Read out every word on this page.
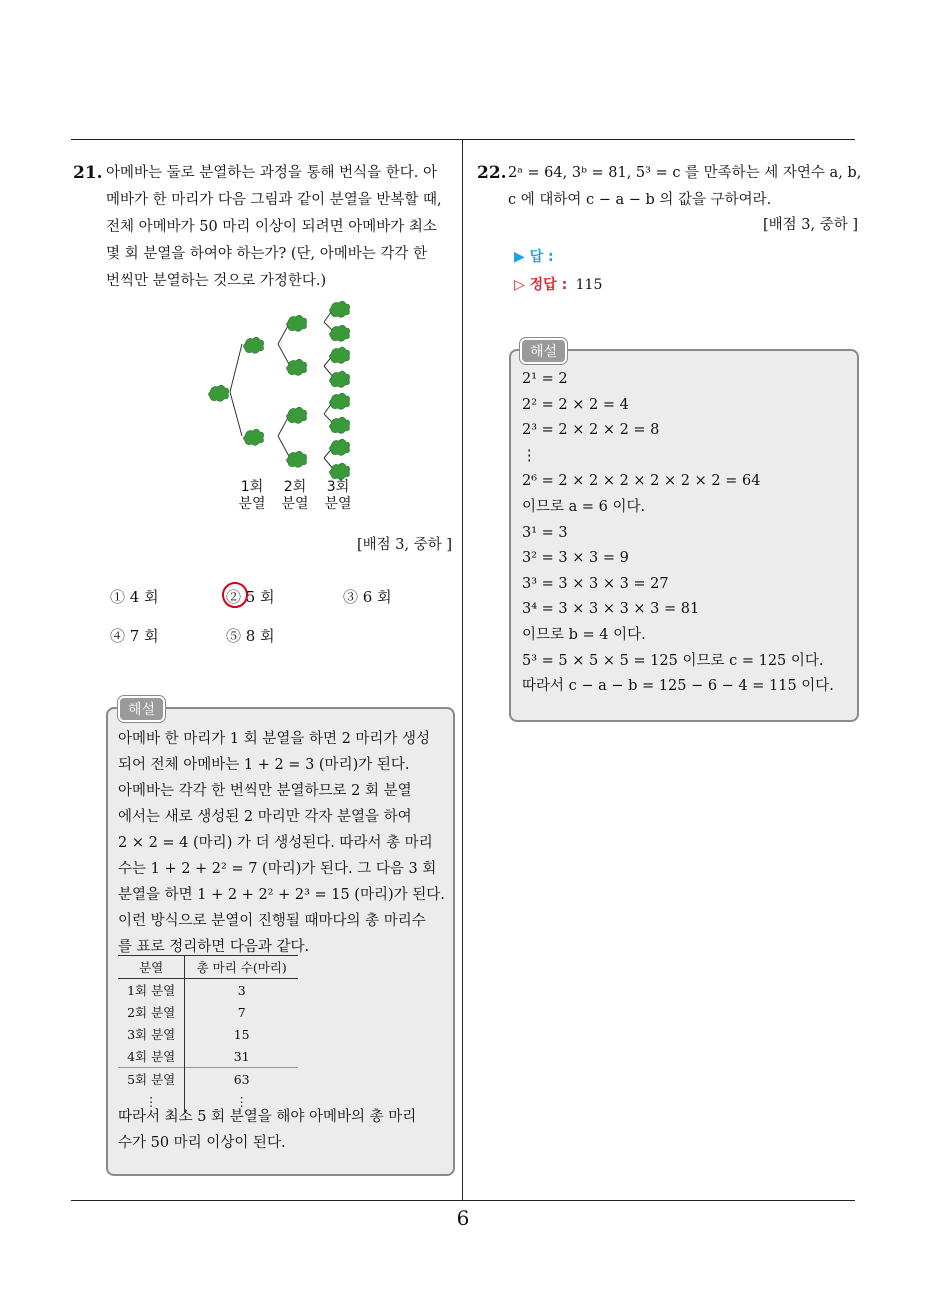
21. 아메바는 둘로 분열하는 과정을 통해 번식을 한다. 아
메바가 한 마리가 다음 그림과 같이 분열을 반복할 때,
전체 아메바가 50 마리 이상이 되려면 아메바가 최소
몇 회 분열을 하여야 하는가? (단, 아메바는 각각 한
번씩만 분열하는 것으로 가정한다.)
1회
분열
2회
분열
3회
분열
[배점 3, 중하 ]
① 4 회	② 5 회	③ 6 회
④ 7 회	⑤ 8 회
해설
아메바 한 마리가 1 회 분열을 하면 2 마리가 생성
되어 전체 아메바는 1 + 2 = 3 (마리)가 된다.
아메바는 각각 한 번씩만 분열하므로 2 회 분열
에서는 새로 생성된 2 마리만 각자 분열을 하여
2 × 2 = 4 (마리) 가 더 생성된다. 따라서 총 마리
수는 1 + 2 + 2² = 7 (마리)가 된다. 그 다음 3 회
분열을 하면 1 + 2 + 2² + 2³ = 15 (마리)가 된다.
이런 방식으로 분열이 진행될 때마다의 총 마리수
를 표로 정리하면 다음과 같다.
분열	총 마리 수(마리)
1회 분열	3
2회 분열	7
3회 분열	15
4회 분열	31
5회 분열	63
⋮	⋮
따라서 최소 5 회 분열을 해야 아메바의 총 마리
수가 50 마리 이상이 된다.
22. 2ᵃ = 64, 3ᵇ = 81, 5³ = c 를 만족하는 세 자연수 a, b,
c 에 대하여 c − a − b 의 값을 구하여라.
[배점 3, 중하 ]
▶ 답 :
▷ 정답 : 115
해설
2¹ = 2
2² = 2 × 2 = 4
2³ = 2 × 2 × 2 = 8
⋮
2⁶ = 2 × 2 × 2 × 2 × 2 × 2 = 64
이므로 a = 6 이다.
3¹ = 3
3² = 3 × 3 = 9
3³ = 3 × 3 × 3 = 27
3⁴ = 3 × 3 × 3 × 3 = 81
이므로 b = 4 이다.
5³ = 5 × 5 × 5 = 125 이므로 c = 125 이다.
따라서 c − a − b = 125 − 6 − 4 = 115 이다.
6
